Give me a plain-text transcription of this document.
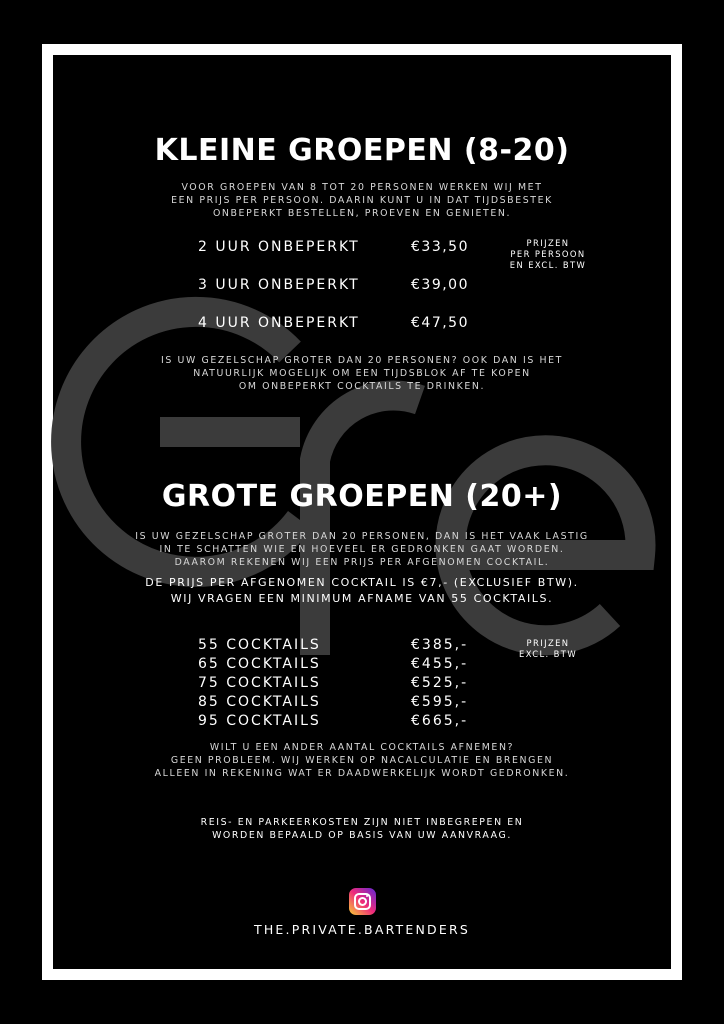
KLEINE GROEPEN (8-20)
VOOR GROEPEN VAN 8 TOT 20 PERSONEN WERKEN WIJ MET
EEN PRIJS PER PERSOON. DAARIN KUNT U IN DAT TIJDSBESTEK
ONBEPERKT BESTELLEN, PROEVEN EN GENIETEN.
2 UUR ONBEPERKT	€33,50
3 UUR ONBEPERKT	€39,00
4 UUR ONBEPERKT	€47,50
PRIJZEN
PER PERSOON
EN EXCL. BTW
IS UW GEZELSCHAP GROTER DAN 20 PERSONEN? OOK DAN IS HET
NATUURLIJK MOGELIJK OM EEN TIJDSBLOK AF TE KOPEN
OM ONBEPERKT COCKTAILS TE DRINKEN.
GROTE GROEPEN (20+)
IS UW GEZELSCHAP GROTER DAN 20 PERSONEN, DAN IS HET VAAK LASTIG
IN TE SCHATTEN WIE EN HOEVEEL ER GEDRONKEN GAAT WORDEN.
DAAROM REKENEN WIJ EEN PRIJS PER AFGENOMEN COCKTAIL.
DE PRIJS PER AFGENOMEN COCKTAIL IS €7,- (EXCLUSIEF BTW).
WIJ VRAGEN EEN MINIMUM AFNAME VAN 55 COCKTAILS.
55 COCKTAILS	€385,-
65 COCKTAILS	€455,-
75 COCKTAILS	€525,-
85 COCKTAILS	€595,-
95 COCKTAILS	€665,-
PRIJZEN
EXCL. BTW
WILT U EEN ANDER AANTAL COCKTAILS AFNEMEN?
GEEN PROBLEEM. WIJ WERKEN OP NACALCULATIE EN BRENGEN
ALLEEN IN REKENING WAT ER DAADWERKELIJK WORDT GEDRONKEN.
REIS- EN PARKEERKOSTEN ZIJN NIET INBEGREPEN EN
WORDEN BEPAALD OP BASIS VAN UW AANVRAAG.
THE.PRIVATE.BARTENDERS
